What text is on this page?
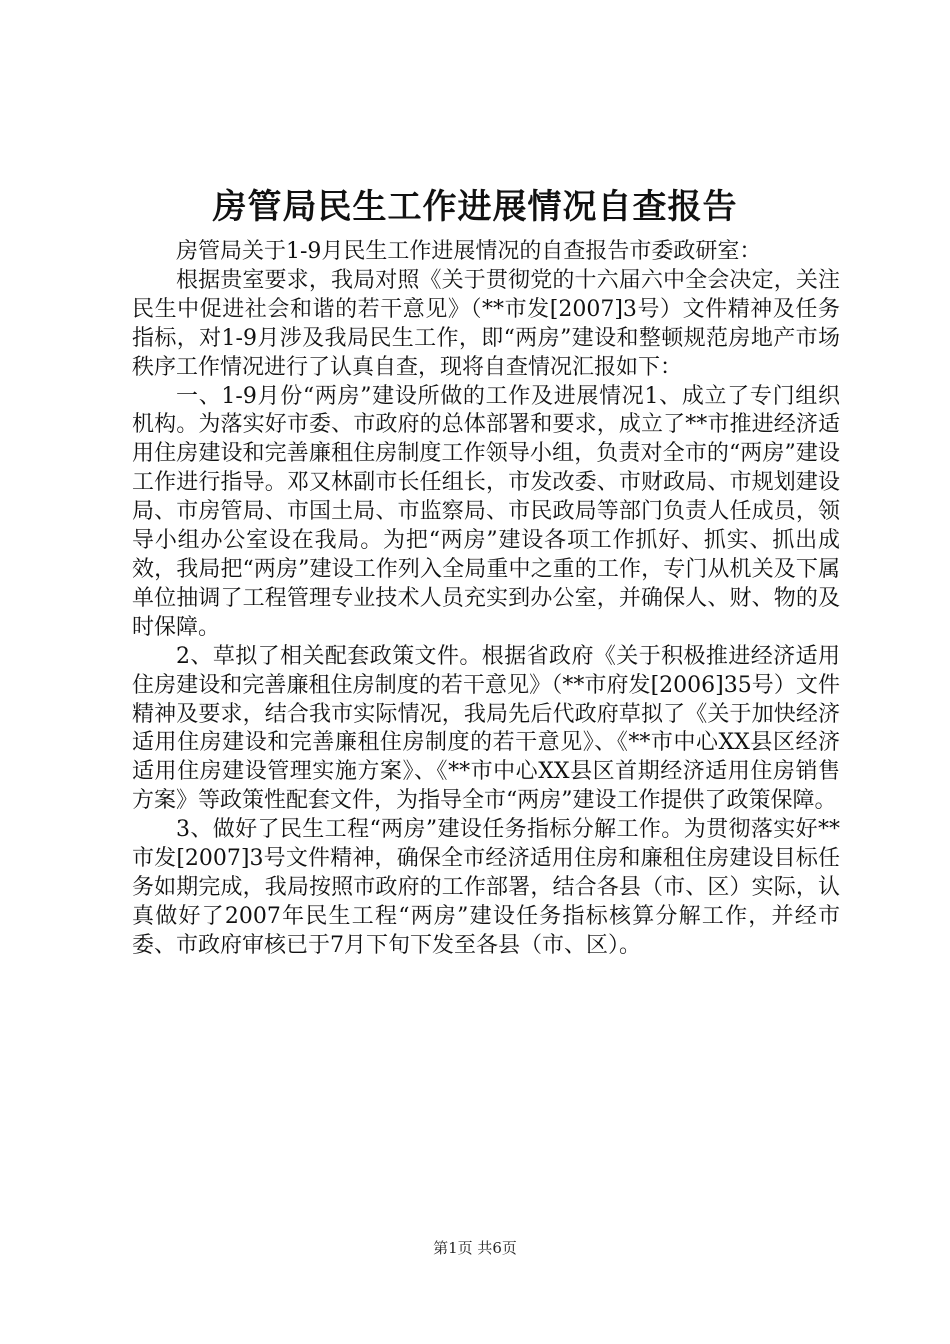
房管局民生工作进展情况自查报告

房管局关于1-9月民生工作进展情况的自查报告市委政研室：

根据贵室要求，我局对照《关于贯彻党的十六届六中全会决定，关注民生中促进社会和谐的若干意见》（**市发[2007]3号）文件精神及任务指标，对1-9月涉及我局民生工作，即“两房”建设和整顿规范房地产市场秩序工作情况进行了认真自查，现将自查情况汇报如下：

一、1-9月份“两房”建设所做的工作及进展情况1、成立了专门组织机构。为落实好市委、市政府的总体部署和要求，成立了**市推进经济适用住房建设和完善廉租住房制度工作领导小组，负责对全市的“两房”建设工作进行指导。邓又林副市长任组长，市发改委、市财政局、市规划建设局、市房管局、市国土局、市监察局、市民政局等部门负责人任成员，领导小组办公室设在我局。为把“两房”建设各项工作抓好、抓实、抓出成效，我局把“两房”建设工作列入全局重中之重的工作，专门从机关及下属单位抽调了工程管理专业技术人员充实到办公室，并确保人、财、物的及时保障。

2、草拟了相关配套政策文件。根据省政府《关于积极推进经济适用住房建设和完善廉租住房制度的若干意见》（**市府发[2006]35号）文件精神及要求，结合我市实际情况，我局先后代政府草拟了《关于加快经济适用住房建设和完善廉租住房制度的若干意见》、《**市中心XX县区经济适用住房建设管理实施方案》、《**市中心XX县区首期经济适用住房销售方案》等政策性配套文件，为指导全市“两房”建设工作提供了政策保障。

3、做好了民生工程“两房”建设任务指标分解工作。为贯彻落实好**市发[2007]3号文件精神，确保全市经济适用住房和廉租住房建设目标任务如期完成，我局按照市政府的工作部署，结合各县（市、区）实际，认真做好了2007年民生工程“两房”建设任务指标核算分解工作，并经市委、市政府审核已于7月下旬下发至各县（市、区）。

第1页 共6页
